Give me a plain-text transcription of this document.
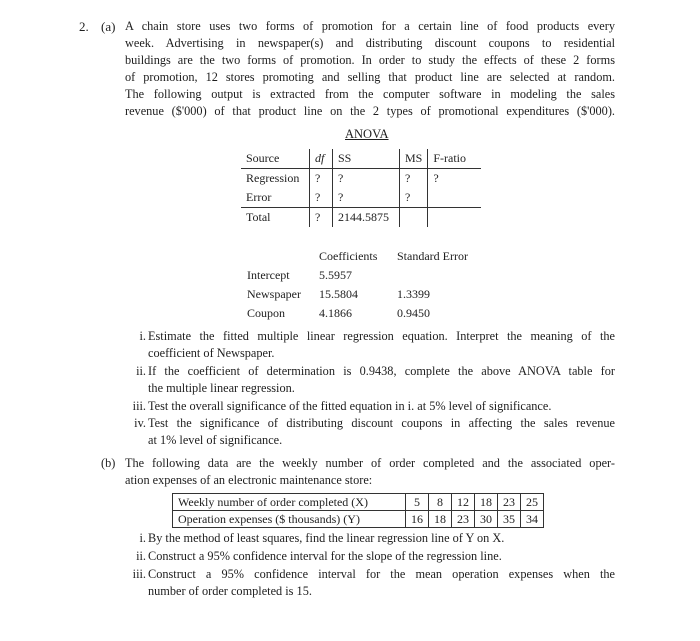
2. (a) A chain store uses two forms of promotion for a certain line of food products every
week. Advertising in newspaper(s) and distributing discount coupons to residential
buildings are the two forms of promotion. In order to study the effects of these 2 forms
of promotion, 12 stores promoting and selling that product line are selected at random.
The following output is extracted from the computer software in modeling the sales
revenue ($'000) of that product line on the 2 types of promotional expenditures ($'000).
ANOVA
Source	df	SS	MS	F-ratio
Regression	?	?	?	?
Error	?	?	?	
Total	?	2144.5875		
	Coefficients	Standard Error
Intercept	5.5957	
Newspaper	15.5804	1.3399
Coupon	4.1866	0.9450
i. Estimate the fitted multiple linear regression equation. Interpret the meaning of the
coefficient of Newspaper.
ii. If the coefficient of determination is 0.9438, complete the above ANOVA table for
the multiple linear regression.
iii. Test the overall significance of the fitted equation in i. at 5% level of significance.
iv. Test the significance of distributing discount coupons in affecting the sales revenue
at 1% level of significance.
(b) The following data are the weekly number of order completed and the associated oper-
ation expenses of an electronic maintenance store:
Weekly number of order completed (X)	5	8	12	18	23	25
Operation expenses ($ thousands) (Y)	16	18	23	30	35	34
i. By the method of least squares, find the linear regression line of Y on X.
ii. Construct a 95% confidence interval for the slope of the regression line.
iii. Construct a 95% confidence interval for the mean operation expenses when the
number of order completed is 15.
